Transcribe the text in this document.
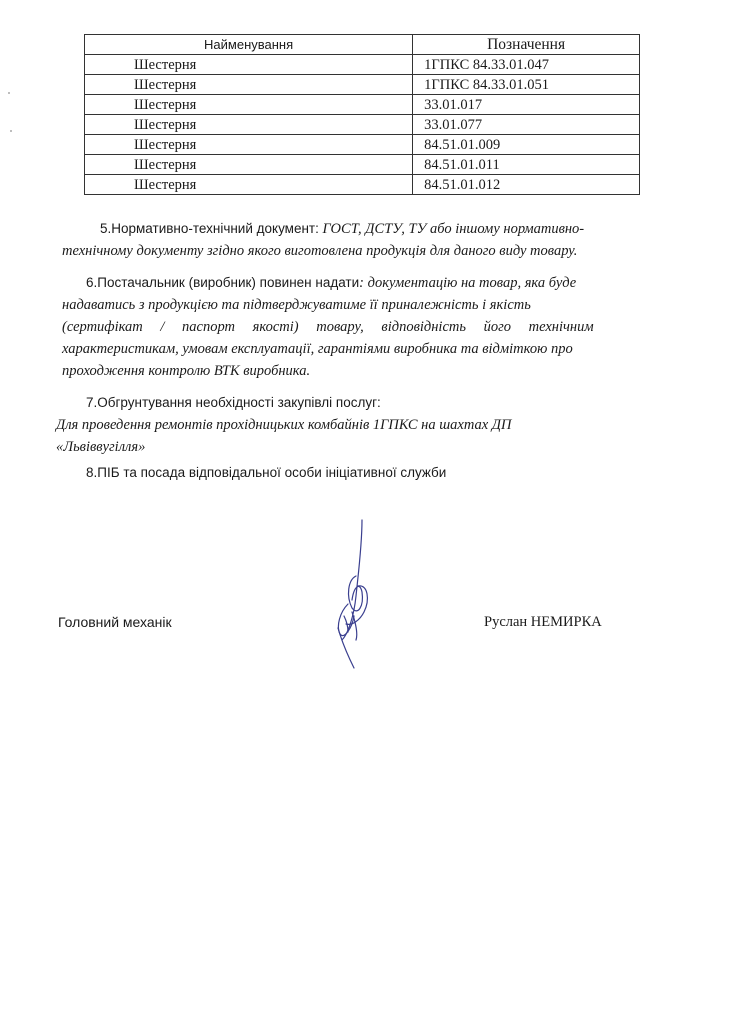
Найменування	Позначення
Шестерня	1ГПКС 84.33.01.047
Шестерня	1ГПКС 84.33.01.051
Шестерня	33.01.017
Шестерня	33.01.077
Шестерня	84.51.01.009
Шестерня	84.51.01.011
Шестерня	84.51.01.012
5.Нормативно-технічний документ: ГОСТ, ДСТУ, ТУ або іншому нормативно-
технічному документу згідно якого виготовлена продукція для даного виду товару.
6.Постачальник (виробник) повинен надати: документацію на товар, яка буде
надаватись з продукцією та підтверджуватиме її приналежність і якість
(сертифікат / паспорт якості) товару, відповідність його технічним
характеристикам, умовам експлуатації, гарантіями виробника та відміткою про
проходження контролю ВТК виробника.
7.Обгрунтування необхідності закупівлі послуг:
Для проведення ремонтів прохідницьких комбайнів 1ГПКС на шахтах ДП
«Львіввугілля»
8.ПІБ та посада відповідальної особи ініціативної служби
Головний механік	Руслан НЕМИРКА
